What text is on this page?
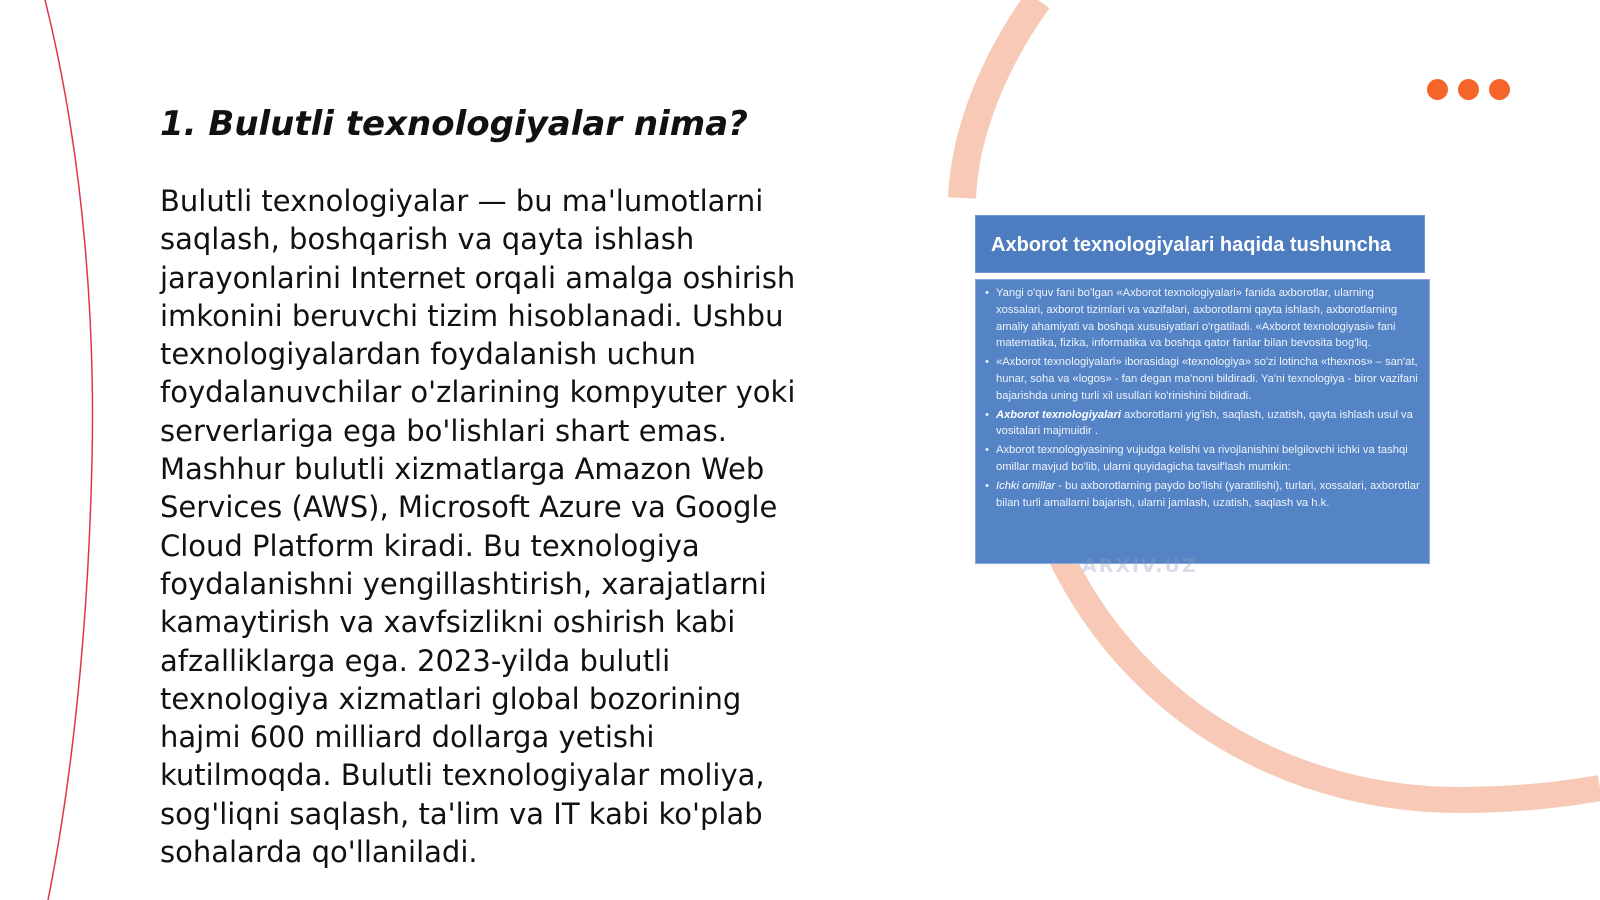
1. Bulutli texnologiyalar nima?

Bulutli texnologiyalar — bu ma'lumotlarni saqlash, boshqarish va qayta ishlash jarayonlarini Internet orqali amalga oshirish imkonini beruvchi tizim hisoblanadi. Ushbu texnologiyalardan foydalanish uchun foydalanuvchilar o'zlarining kompyuter yoki serverlariga ega bo'lishlari shart emas. Mashhur bulutli xizmatlarga Amazon Web Services (AWS), Microsoft Azure va Google Cloud Platform kiradi. Bu texnologiya foydalanishni yengillashtirish, xarajatlarni kamaytirish va xavfsizlikni oshirish kabi afzalliklarga ega. 2023-yilda bulutli texnologiya xizmatlari global bozorining hajmi 600 milliard dollarga yetishi kutilmoqda. Bulutli texnologiyalar moliya, sog'liqni saqlash, ta'lim va IT kabi ko'plab sohalarda qo'llaniladi.

Axborot texnologiyalari haqida tushuncha
• Yangi o'quv fani bo'lgan «Axborot texnologiyalari» fanida axborotlar, ularning xossalari, axborot tizimlari va vazifalari, axborotlarni qayta ishlash, axborotlarning amaliy ahamiyati va boshqa xususiyatlari o'rgatiladi. «Axborot texnologiyasi» fani matematika, fizika, informatika va boshqa qator fanlar bilan bevosita bog'liq.
• «Axborot texnologiyalari» iborasidagi «texnologiya» so'zi lotincha «thexnos» – san'at, hunar, soha va «logos» - fan degan ma'noni bildiradi. Ya'ni texnologiya - biror vazifani bajarishda uning turli xil usullari ko'rinishini bildiradi.
• Axborot texnologiyalari axborotlarni yig'ish, saqlash, uzatish, qayta ishlash usul va vositalari majmuidir .
• Axborot texnologiyasining vujudga kelishi va rivojlanishini belgilovchi ichki va tashqi omillar mavjud bo'lib, ularni quyidagicha tavsif'lash mumkin:
• Ichki omillar - bu axborotlarning paydo bo'lishi (yaratilishi), turlari, xossalari, axborotlar bilan turli amallarni bajarish, ularni jamlash, uzatish, saqlash va h.k.
ARXIV.UZ
